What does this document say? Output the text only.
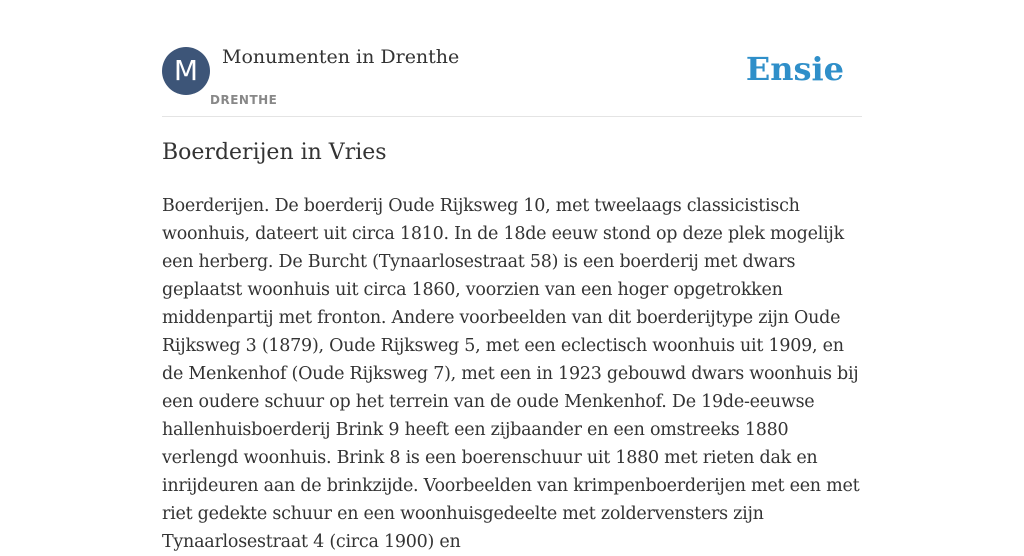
M	Monumenten in Drenthe
DRENTHE
Ensie
Boerderijen in Vries

Boerderijen. De boerderij Oude Rijksweg 10, met tweelaags classicistisch woonhuis, dateert uit circa 1810. In de 18de eeuw stond op deze plek mogelijk een herberg. De Burcht (Tynaarlosestraat 58) is een boerderij met dwars geplaatst woonhuis uit circa 1860, voorzien van een hoger opgetrokken middenpartij met fronton. Andere voorbeelden van dit boerderijtype zijn Oude Rijksweg 3 (1879), Oude Rijksweg 5, met een eclectisch woonhuis uit 1909, en de Menkenhof (Oude Rijksweg 7), met een in 1923 gebouwd dwars woonhuis bij een oudere schuur op het terrein van de oude Menkenhof. De 19de-eeuwse hallenhuisboerderij Brink 9 heeft een zijbaander en een omstreeks 1880 verlengd woonhuis. Brink 8 is een boerenschuur uit 1880 met rieten dak en inrijdeuren aan de brinkzijde. Voorbeelden van krimpenboerderijen met een met riet gedekte schuur en een woonhuisgedeelte met zoldervensters zijn Tynaarlosestraat 4 (circa 1900) en
